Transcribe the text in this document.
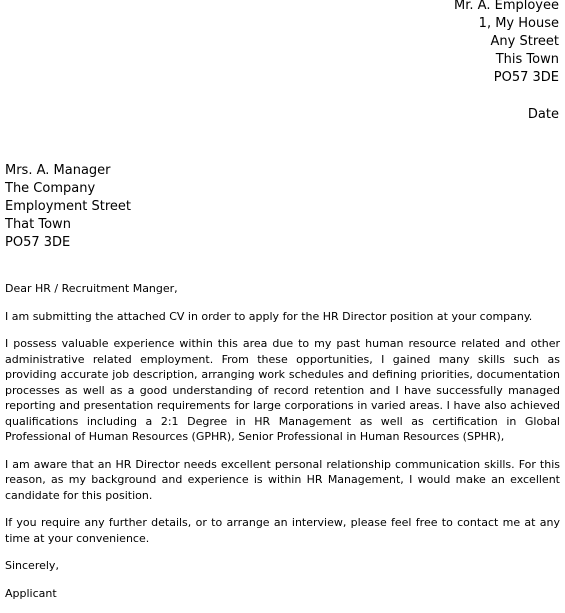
Mr. A. Employee
1, My House
Any Street
This Town
PO57 3DE
Date
Mrs. A. Manager
The Company
Employment Street
That Town
PO57 3DE

Dear HR / Recruitment Manger,

I am submitting the attached CV in order to apply for the HR Director position at your company.

I possess valuable experience within this area due to my past human resource related and other administrative related employment. From these opportunities, I gained many skills such as providing accurate job description, arranging work schedules and defining priorities, documentation processes as well as a good understanding of record retention and I have successfully managed reporting and presentation requirements for large corporations in varied areas. I have also achieved qualifications including a 2:1 Degree in HR Management as well as certification in Global Professional of Human Resources (GPHR), Senior Professional in Human Resources (SPHR),

I am aware that an HR Director needs excellent personal relationship communication skills. For this reason, as my background and experience is within HR Management, I would make an excellent candidate for this position.

If you require any further details, or to arrange an interview, please feel free to contact me at any time at your convenience.

Sincerely,

Applicant
